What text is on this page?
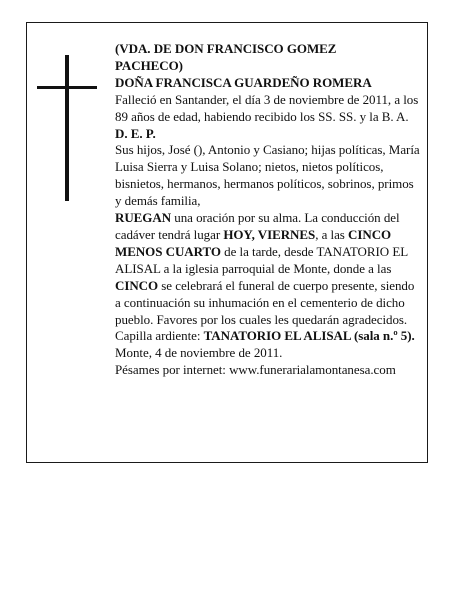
(VDA. DE DON FRANCISCO GOMEZ
PACHECO)

DOÑA FRANCISCA GUARDEÑO ROMERA

Falleció en Santander, el día 3 de noviembre de 2011, a los 89 años de edad, habiendo recibido los SS. SS. y la B. A.

D. E. P.

Sus hijos, José (), Antonio y Casiano; hijas políticas, María Luisa Sierra y Luisa Solano; nietos, nietos políticos, bisnietos, hermanos, hermanos políticos, sobrinos, primos y demás familia,

RUEGAN una oración por su alma. La conducción del cadáver tendrá lugar HOY, VIERNES, a las CINCO MENOS CUARTO de la tarde, desde TANATORIO EL ALISAL a la iglesia parroquial de Monte, donde a las CINCO se celebrará el funeral de cuerpo presente, siendo a continuación su inhumación en el cementerio de dicho pueblo. Favores por los cuales les quedarán agradecidos. Capilla ardiente: TANATORIO EL ALISAL (sala n.º 5).

Monte, 4 de noviembre de 2011.

Pésames por internet: www.funerarialamontanesa.com
